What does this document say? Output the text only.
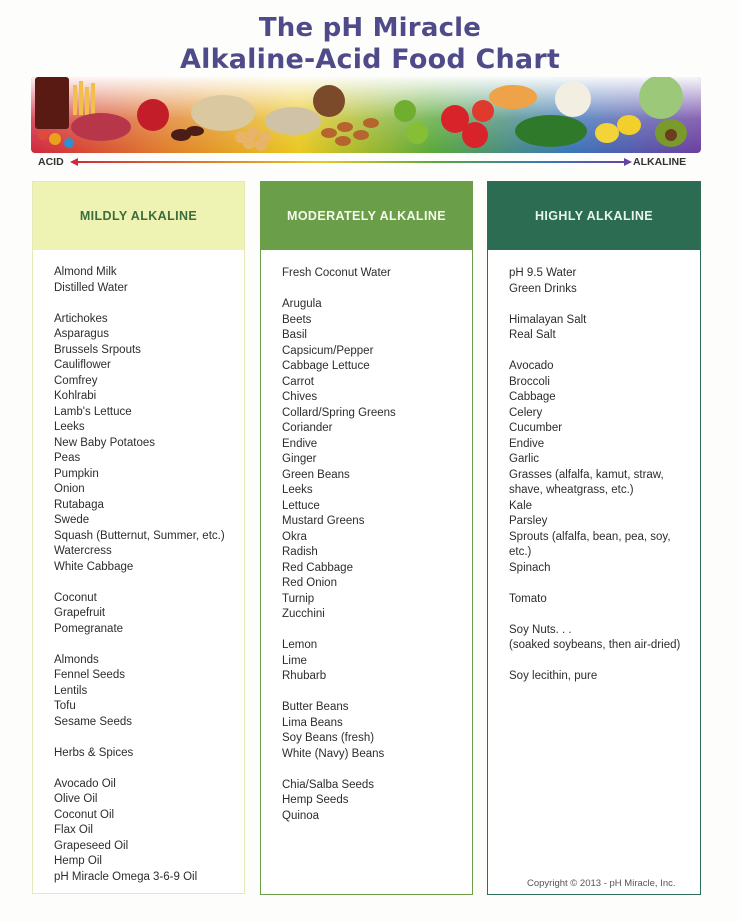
The pH Miracle
Alkaline-Acid Food Chart
ACID	ALKALINE
MILDLY ALKALINE
Almond Milk
Distilled Water
Artichokes
Asparagus
Brussels Srpouts
Cauliflower
Comfrey
Kohlrabi
Lamb's Lettuce
Leeks
New Baby Potatoes
Peas
Pumpkin
Onion
Rutabaga
Swede
Squash (Butternut, Summer, etc.)
Watercress
White Cabbage
Coconut
Grapefruit
Pomegranate
Almonds
Fennel Seeds
Lentils
Tofu
Sesame Seeds
Herbs & Spices
Avocado Oil
Olive Oil
Coconut Oil
Flax Oil
Grapeseed Oil
Hemp Oil
pH Miracle Omega 3-6-9 Oil
MODERATELY ALKALINE
Fresh Coconut Water
Arugula
Beets
Basil
Capsicum/Pepper
Cabbage Lettuce
Carrot
Chives
Collard/Spring Greens
Coriander
Endive
Ginger
Green Beans
Leeks
Lettuce
Mustard Greens
Okra
Radish
Red Cabbage
Red Onion
Turnip
Zucchini
Lemon
Lime
Rhubarb
Butter Beans
Lima Beans
Soy Beans (fresh)
White (Navy) Beans
Chia/Salba Seeds
Hemp Seeds
Quinoa
HIGHLY ALKALINE
pH 9.5 Water
Green Drinks
Himalayan Salt
Real Salt
Avocado
Broccoli
Cabbage
Celery
Cucumber
Endive
Garlic
Grasses (alfalfa, kamut, straw,
shave, wheatgrass, etc.)
Kale
Parsley
Sprouts (alfalfa, bean, pea, soy,
etc.)
Spinach
Tomato
Soy Nuts. . .
(soaked soybeans, then air-dried)
Soy lecithin, pure
Copyright © 2013 - pH Miracle, Inc.
